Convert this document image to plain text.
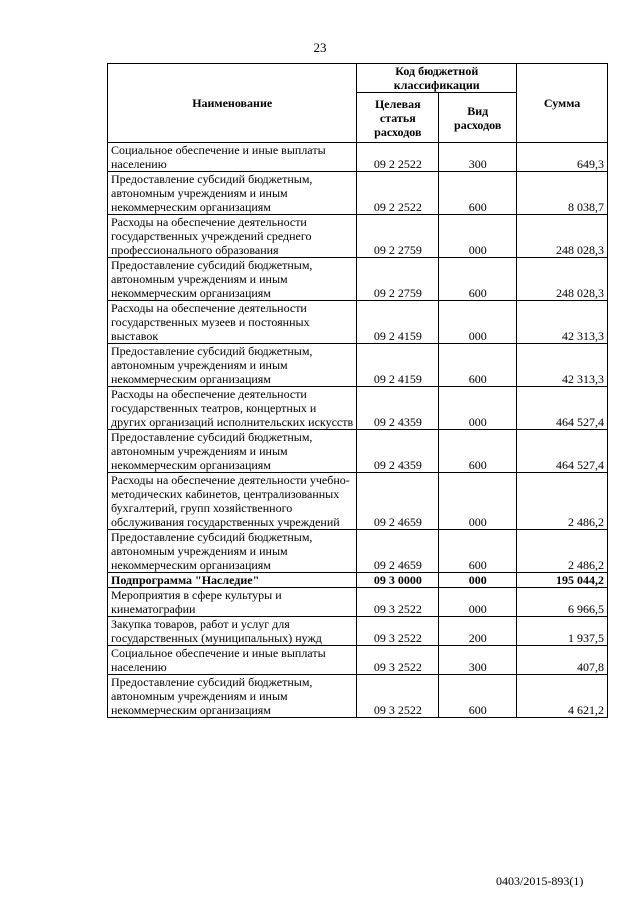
23
Наименование	Код бюджетной классификации		Сумма
	Целевая статья расходов	Вид расходов	
Социальное обеспечение и иные выплаты населению	09 2 2522	300	649,3
Предоставление субсидий бюджетным, автономным учреждениям и иным некоммерческим организациям	09 2 2522	600	8 038,7
Расходы на обеспечение деятельности государственных учреждений среднего профессионального образования	09 2 2759	000	248 028,3
Предоставление субсидий бюджетным, автономным учреждениям и иным некоммерческим организациям	09 2 2759	600	248 028,3
Расходы на обеспечение деятельности государственных музеев и постоянных выставок	09 2 4159	000	42 313,3
Предоставление субсидий бюджетным, автономным учреждениям и иным некоммерческим организациям	09 2 4159	600	42 313,3
Расходы на обеспечение деятельности государственных театров, концертных и других организаций исполнительских искусств	09 2 4359	000	464 527,4
Предоставление субсидий бюджетным, автономным учреждениям и иным некоммерческим организациям	09 2 4359	600	464 527,4
Расходы на обеспечение деятельности учебно-методических кабинетов, централизованных бухгалтерий, групп хозяйственного обслуживания государственных учреждений	09 2 4659	000	2 486,2
Предоставление субсидий бюджетным, автономным учреждениям и иным некоммерческим организациям	09 2 4659	600	2 486,2
Подпрограмма "Наследие"	09 3 0000	000	195 044,2
Мероприятия в сфере культуры и кинематографии	09 3 2522	000	6 966,5
Закупка товаров, работ и услуг для государственных (муниципальных) нужд	09 3 2522	200	1 937,5
Социальное обеспечение и иные выплаты населению	09 3 2522	300	407,8
Предоставление субсидий бюджетным, автономным учреждениям и иным некоммерческим организациям	09 3 2522	600	4 621,2
0403/2015-893(1)
